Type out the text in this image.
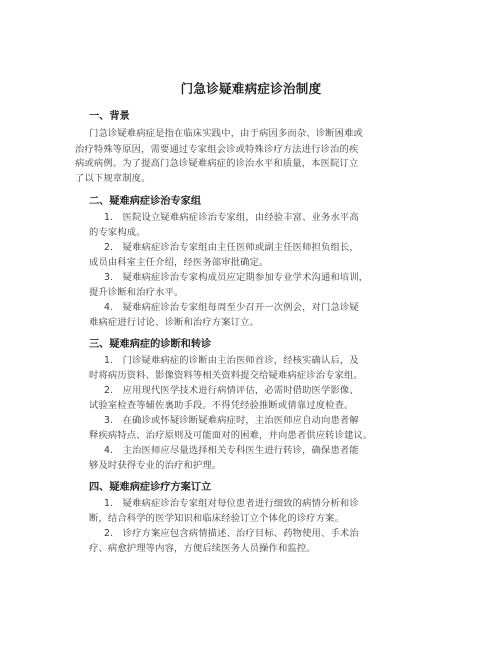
门急诊疑难病症诊治制度
一、背景
门急诊疑难病症是指在临床实践中，由于病因多而杂、诊断困难或
治疗特殊等原因，需要通过专家组会诊或特殊诊疗方法进行诊治的疾
病或病例。为了提高门急诊疑难病症的诊治水平和质量，本医院订立
了以下规章制度。
二、疑难病症诊治专家组
1.　医院设立疑难病症诊治专家组，由经验丰富、业务水平高
的专家构成。
2.　疑难病症诊治专家组由主任医师或副主任医师担负组长，
成员由科室主任介绍，经医务部审批确定。
3.　疑难病症诊治专家构成员应定期参加专业学术沟通和培训，
提升诊断和治疗水平。
4.　疑难病症诊治专家组每周至少召开一次例会，对门急诊疑
难病症进行讨论、诊断和治疗方案订立。
三、疑难病症的诊断和转诊
1.　门诊疑难病症的诊断由主治医师首诊，经核实确认后，及
时将病历资料、影像资料等相关资料提交给疑难病症诊治专家组。
2.　应用现代医学技术进行病情评估，必需时借助医学影像、
试验室检查等辅佐裏助手段。不得凭经验推断或倩靠过度检查。
3.　在确诊或怀疑诊断疑难病症时，主治医师应自动向患者解
释疾病特点、治疗原则及可能面对的困难，并向患者供应转诊建议。
4.　主治医师应尽量选择相关专科医生进行转诊，确保患者能
够及时获得专业的治疗和护理。
四、疑难病症诊疗方案订立
1.　疑难病症诊治专家组对每位患者进行细致的病情分析和诊
断，结合科学的医学知识和临床经验订立个体化的诊疗方案。
2.　诊疗方案应包含病情描述、治疗目标、药物使用、手术治
疗、病愈护理等内容，方便后续医务人员操作和监控。
